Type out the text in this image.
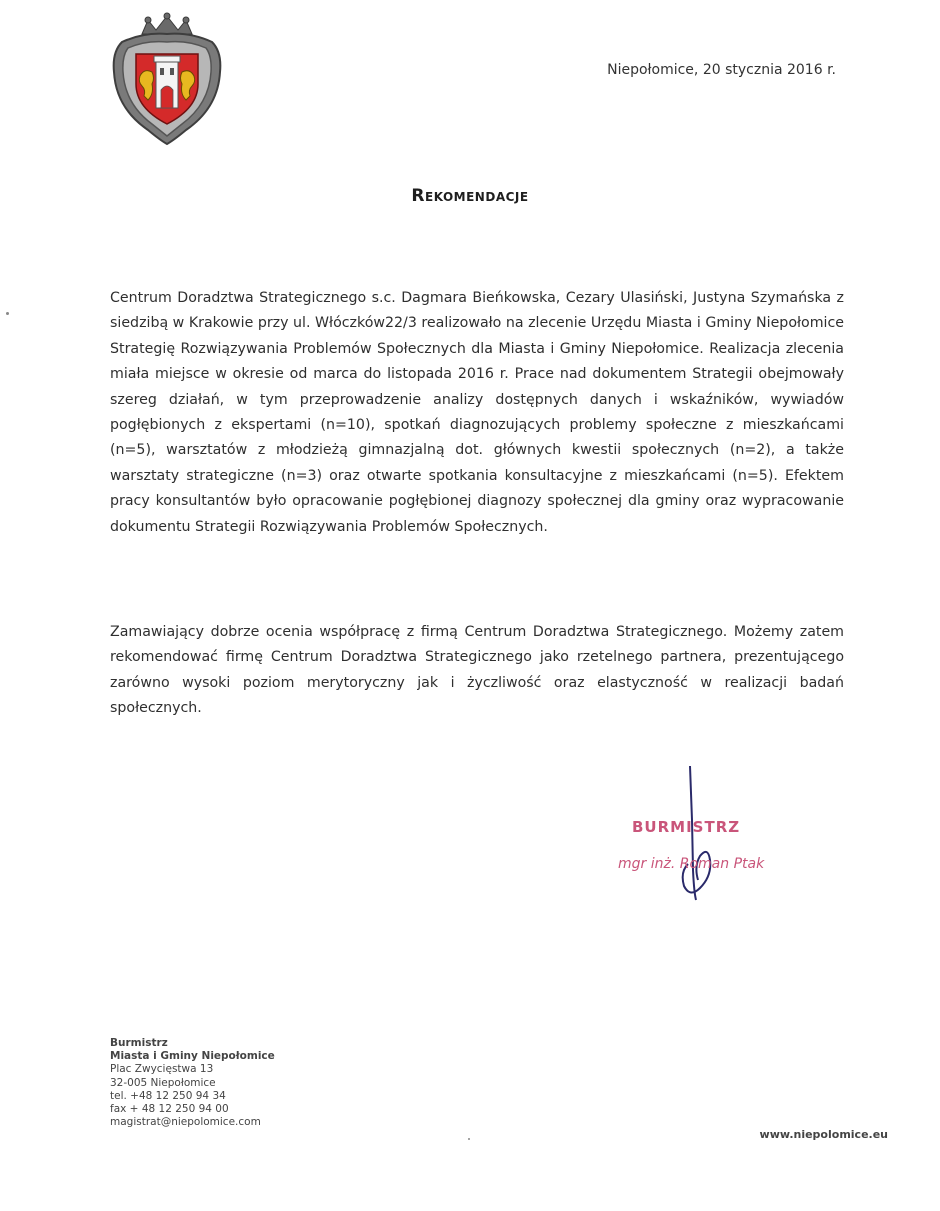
Niepołomice, 20 stycznia 2016 r.
Rekomendacje
Centrum Doradztwa Strategicznego s.c. Dagmara Bieńkowska, Cezary Ulasiński, Justyna Szymańska z siedzibą w Krakowie przy ul. Włóczków22/3 realizowało na zlecenie Urzędu Miasta i Gminy Niepołomice Strategię Rozwiązywania Problemów Społecznych dla Miasta i Gminy Niepołomice. Realizacja zlecenia miała miejsce w okresie od marca do listopada 2016 r. Prace nad dokumentem Strategii obejmowały szereg działań, w tym przeprowadzenie analizy dostępnych danych i wskaźników, wywiadów pogłębionych z ekspertami (n=10), spotkań diagnozujących problemy społeczne z mieszkańcami (n=5), warsztatów z młodzieżą gimnazjalną dot. głównych kwestii społecznych (n=2), a także warsztaty strategiczne (n=3) oraz otwarte spotkania konsultacyjne z mieszkańcami (n=5). Efektem pracy konsultantów było opracowanie pogłębionej diagnozy społecznej dla gminy oraz wypracowanie dokumentu Strategii Rozwiązywania Problemów Społecznych.
Zamawiający dobrze ocenia współpracę z firmą Centrum Doradztwa Strategicznego. Możemy zatem rekomendować firmę Centrum Doradztwa Strategicznego jako rzetelnego partnera, prezentującego zarówno wysoki poziom merytoryczny jak i życzliwość oraz elastyczność w realizacji badań społecznych.
BURMISTRZ
mgr inż. Roman Ptak
Burmistrz
Miasta i Gminy Niepołomice
Plac Zwycięstwa 13
32-005 Niepołomice
tel. +48 12 250 94 34
fax + 48 12 250 94 00
magistrat@niepolomice.com
www.niepolomice.eu
